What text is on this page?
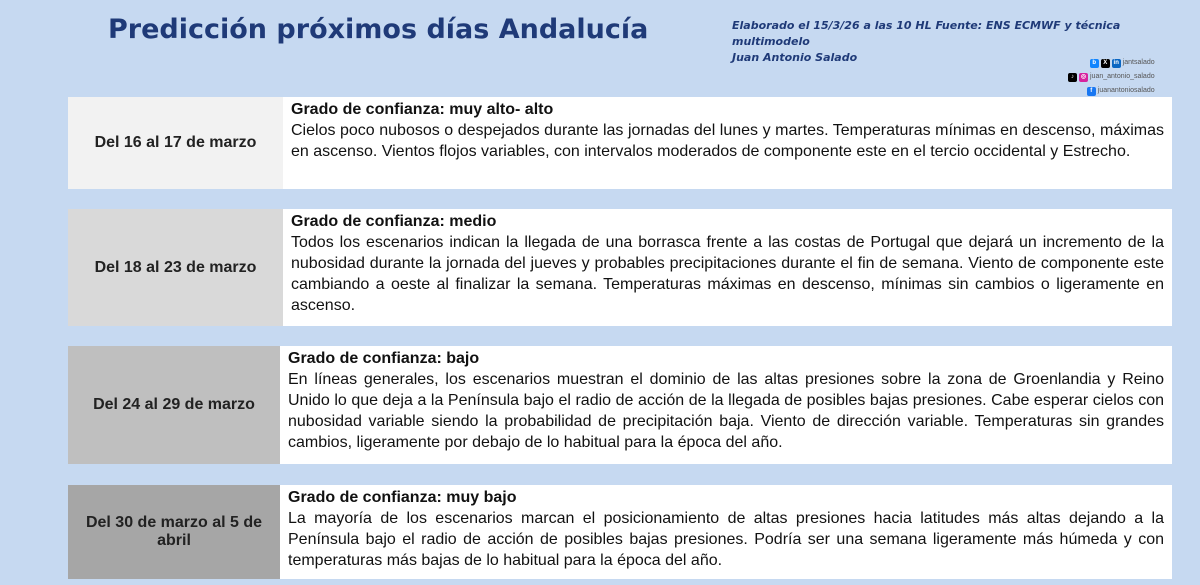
Predicción próximos días Andalucía	Elaborado el 15/3/26 a las 10 HL Fuente: ENS ECMWF y técnica multimodelo
Juan Antonio Salado	b	X	in jantsalado
♪	◎ juan_antonio_salado
f juanantoniosalado
Del 16 al 17 de marzo
Grado de confianza: muy alto- alto
Cielos poco nubosos o despejados durante las jornadas del lunes y martes. Temperaturas mínimas en descenso, máximas en ascenso. Vientos flojos variables, con intervalos moderados de componente este en el tercio occidental y Estrecho.
Del 18 al 23 de marzo
Grado de confianza: medio
Todos los escenarios indican la llegada de una borrasca frente a las costas de Portugal que dejará un incremento de la nubosidad durante la jornada del jueves y probables precipitaciones durante el fin de semana. Viento de componente este cambiando a oeste al finalizar la semana. Temperaturas máximas en descenso, mínimas sin cambios o ligeramente en ascenso.
Del 24 al 29 de marzo
Grado de confianza: bajo
En líneas generales, los escenarios muestran el dominio de las altas presiones sobre la zona de Groenlandia y Reino Unido lo que deja a la Península bajo el radio de acción de la llegada de posibles bajas presiones. Cabe esperar cielos con nubosidad variable siendo la probabilidad de precipitación baja. Viento de dirección variable. Temperaturas sin grandes cambios, ligeramente por debajo de lo habitual para la época del año.
Del 30 de marzo al 5 de abril
Grado de confianza: muy bajo
La mayoría de los escenarios marcan el posicionamiento de altas presiones hacia latitudes más altas dejando a la Península bajo el radio de acción de posibles bajas presiones. Podría ser una semana ligeramente más húmeda y con temperaturas más bajas de lo habitual para la época del año.
